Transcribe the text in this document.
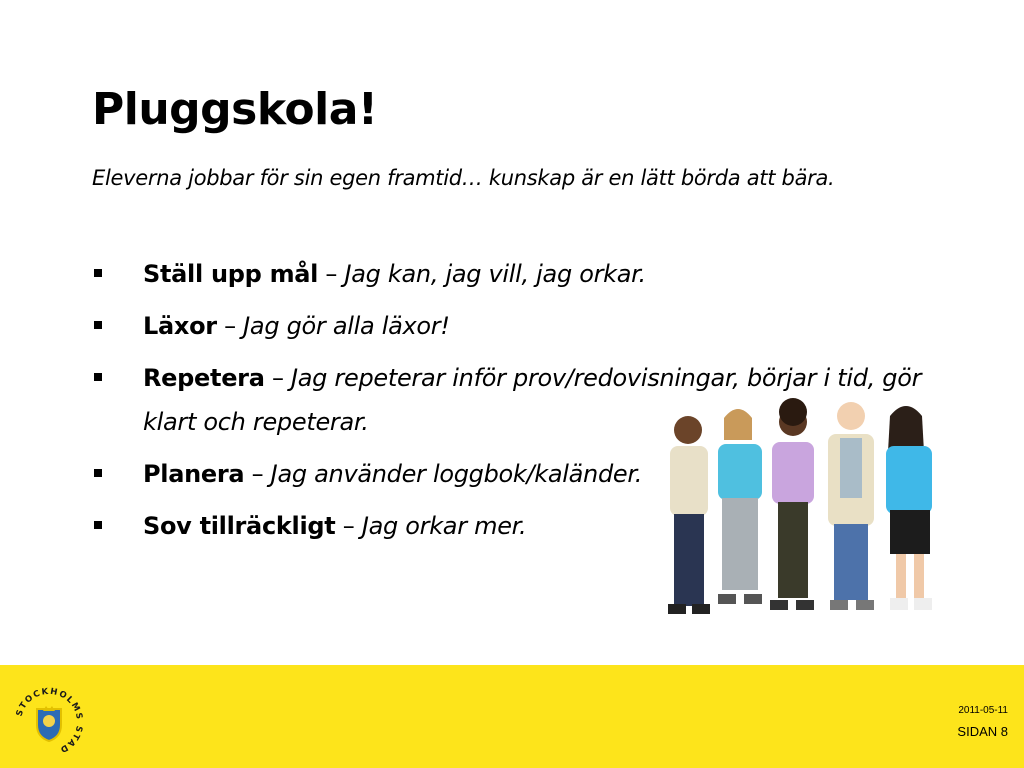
Pluggskola!
Eleverna jobbar för sin egen framtid… kunskap är en lätt börda att bära.
Ställ upp mål – Jag kan, jag vill, jag orkar.
Läxor – Jag gör alla läxor!
Repetera – Jag repeterar inför prov/redovisningar, börjar i tid, gör klart och repeterar.
Planera – Jag använder loggbok/kaländer.
Sov tillräckligt – Jag orkar mer.
STOCKHOLMS STAD
2011-05-11
SIDAN 8
